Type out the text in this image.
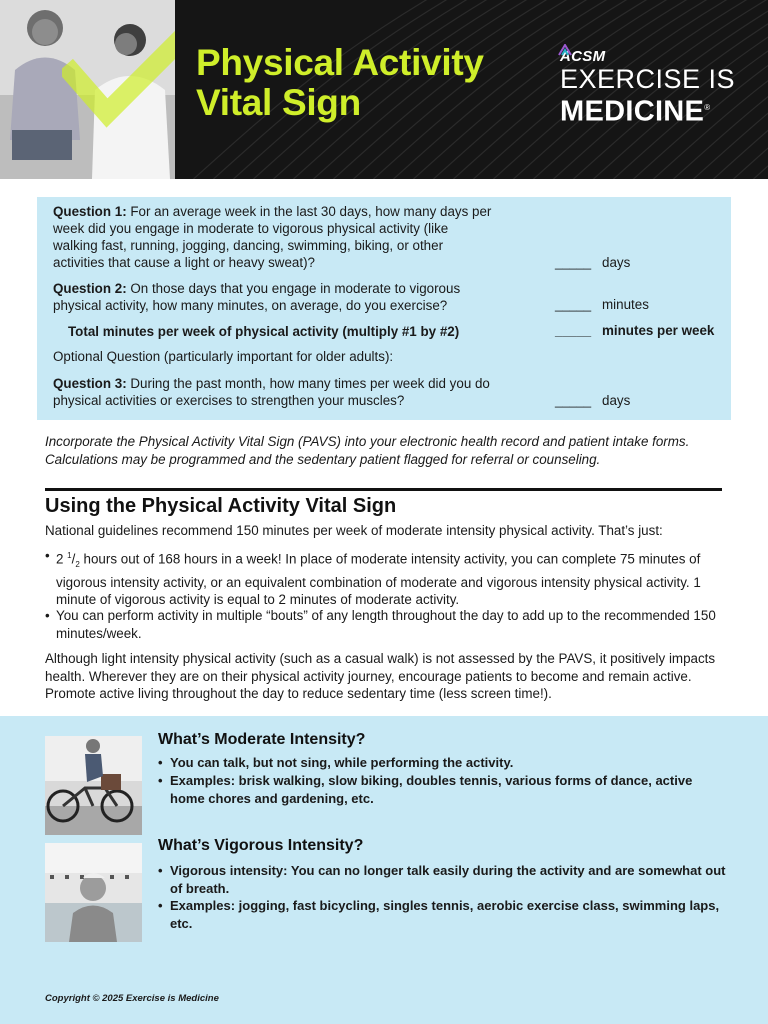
Physical Activity
Vital Sign
ACSM
EXERCISE IS
MEDICINE®
Question 1: For an average week in the last 30 days, how many days per week did you engage in moderate to vigorous physical activity (like walking fast, running, jogging, dancing, swimming, biking, or other activities that cause a light or heavy sweat)?	_____ days
Question 2: On those days that you engage in moderate to vigorous physical activity, how many minutes, on average, do you exercise?	_____ minutes
Total minutes per week of physical activity (multiply #1 by #2)	_____ minutes per week
Optional Question (particularly important for older adults):
Question 3: During the past month, how many times per week did you do physical activities or exercises to strengthen your muscles?	_____ days
Incorporate the Physical Activity Vital Sign (PAVS) into your electronic health record and patient intake forms. Calculations may be programmed and the sedentary patient flagged for referral or counseling.
Using the Physical Activity Vital Sign
National guidelines recommend 150 minutes per week of moderate intensity physical activity. That’s just:
• 2 $^1/_2$ hours out of 168 hours in a week! In place of moderate intensity activity, you can complete 75 minutes of vigorous intensity activity, or an equivalent combination of moderate and vigorous intensity physical activity. 1 minute of vigorous activity is equal to 2 minutes of moderate activity.
• You can perform activity in multiple “bouts” of any length throughout the day to add up to the recommended 150 minutes/week.
Although light intensity physical activity (such as a casual walk) is not assessed by the PAVS, it positively impacts health. Wherever they are on their physical activity journey, encourage patients to become and remain active. Promote active living throughout the day to reduce sedentary time (less screen time!).
What’s Moderate Intensity?
• You can talk, but not sing, while performing the activity.
• Examples: brisk walking, slow biking, doubles tennis, various forms of dance, active home chores and gardening, etc.
What’s Vigorous Intensity?
• Vigorous intensity: You can no longer talk easily during the activity and are somewhat out of breath.
• Examples: jogging, fast bicycling, singles tennis, aerobic exercise class, swimming laps, etc.
Copyright © 2025 Exercise is Medicine
